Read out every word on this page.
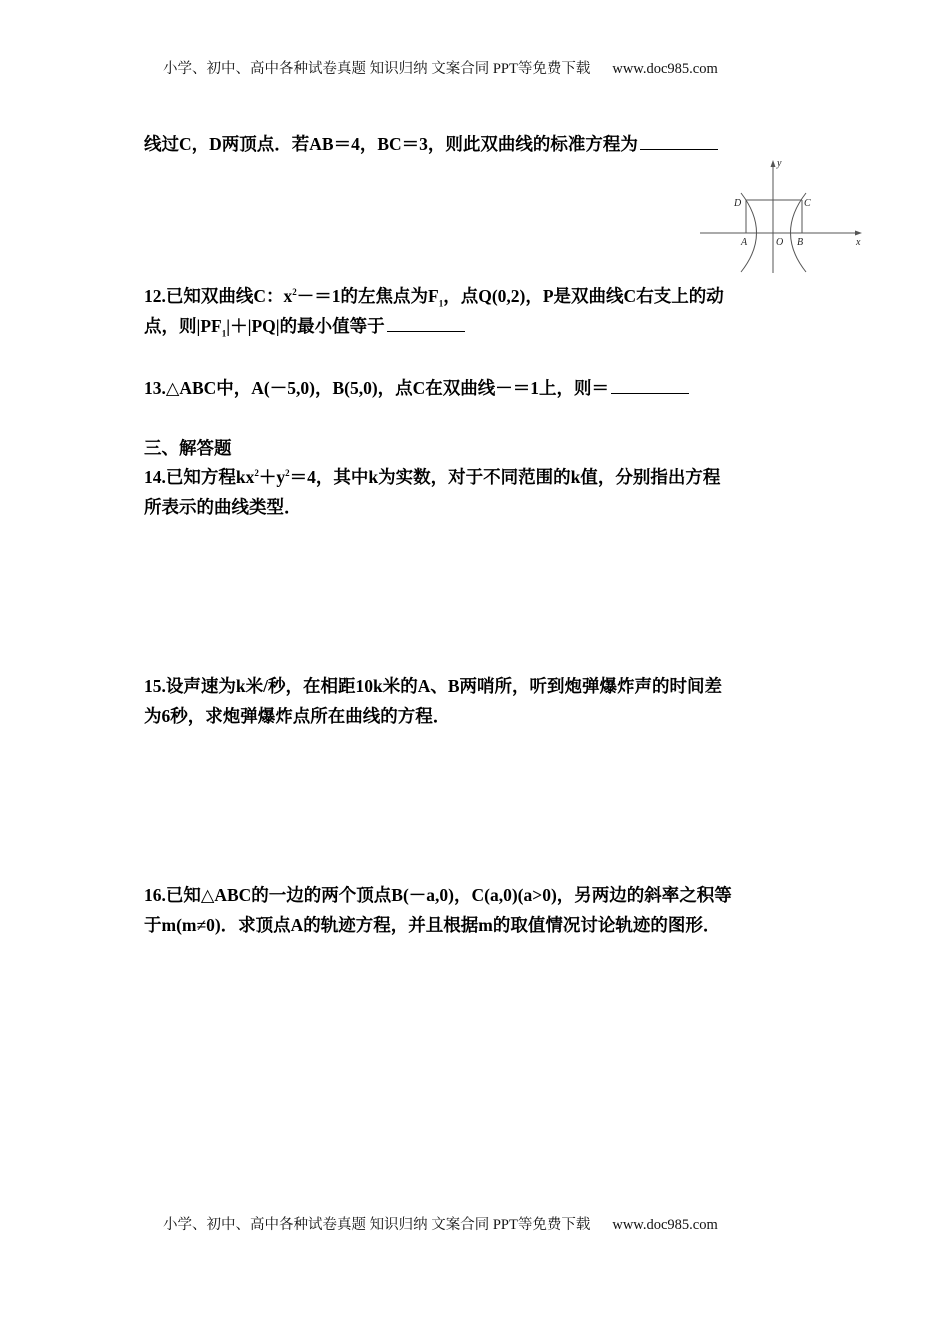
小学、初中、高中各种试卷真题 知识归纳 文案合同 PPT等免费下载 www.doc985.com
线过C，D两顶点．若AB＝4，BC＝3，则此双曲线的标准方程为
y
x
D	C
A	O B
12.已知双曲线C：$x^2-=1$的左焦点为$F_1$，点Q(0,2)，P是双曲线C右支上的动
点，则$|PF_1|+|PQ|$的最小值等于
13.△ABC中，A(－5,0)，B(5,0)，点C在双曲线－＝1上，则＝
三、解答题
14.已知方程$kx^2+y^2=4$，其中k为实数，对于不同范围的k值，分别指出方程
所表示的曲线类型．
15.设声速为k米/秒，在相距10k米的A、B两哨所，听到炮弹爆炸声的时间差
为6秒，求炮弹爆炸点所在曲线的方程．
16.已知△ABC的一边的两个顶点B(－a,0)，C(a,0)(a>0)，另两边的斜率之积等
于m(m≠0)．求顶点A的轨迹方程，并且根据m的取值情况讨论轨迹的图形．
小学、初中、高中各种试卷真题 知识归纳 文案合同 PPT等免费下载 www.doc985.com
